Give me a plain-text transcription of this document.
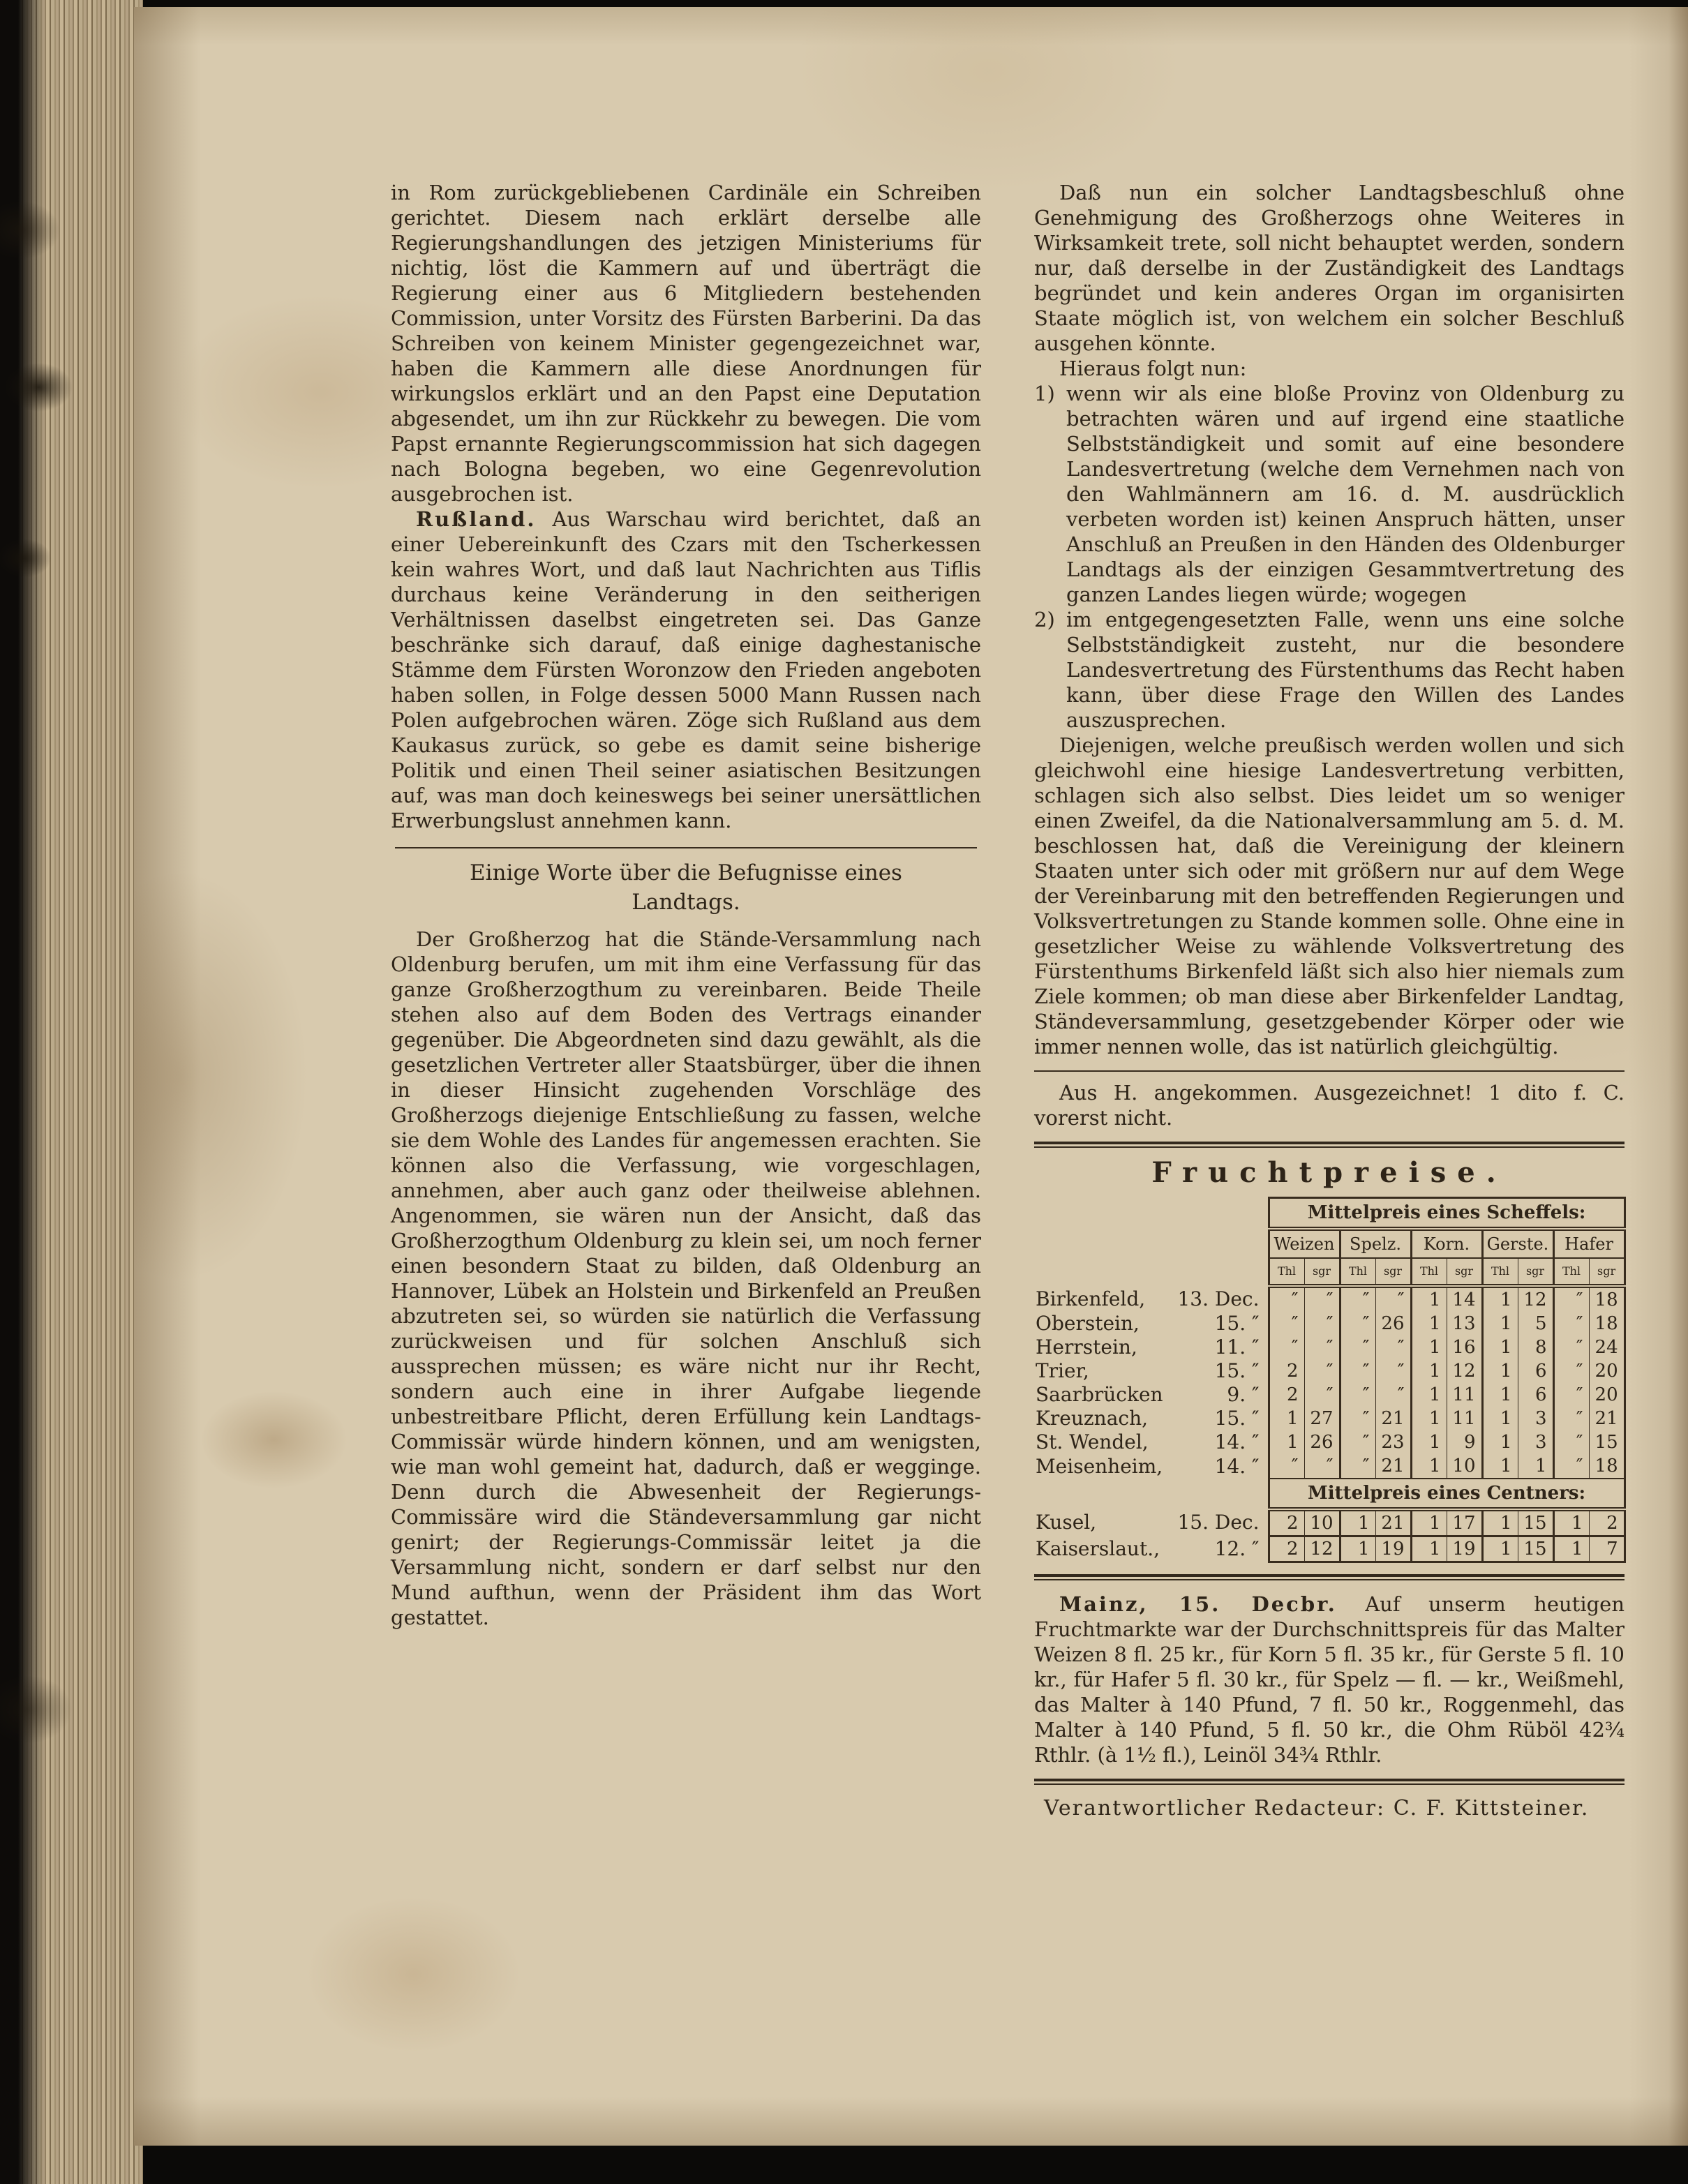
in Rom zurückgebliebenen Cardinäle ein Schreiben gerichtet. Diesem nach erklärt derselbe alle Regierungshandlungen des jetzigen Ministeriums für nichtig, löst die Kammern auf und überträgt die Regierung einer aus 6 Mitgliedern bestehenden Commission, unter Vorsitz des Fürsten Barberini. Da das Schreiben von keinem Minister gegengezeichnet war, haben die Kammern alle diese Anordnungen für wirkungslos erklärt und an den Papst eine Deputation abgesendet, um ihn zur Rückkehr zu bewegen. Die vom Papst ernannte Regierungscommission hat sich dagegen nach Bologna begeben, wo eine Gegenrevolution ausgebrochen ist.

Rußland. Aus Warschau wird berichtet, daß an einer Uebereinkunft des Czars mit den Tscherkessen kein wahres Wort, und daß laut Nachrichten aus Tiflis durchaus keine Veränderung in den seitherigen Verhältnissen daselbst eingetreten sei. Das Ganze beschränke sich darauf, daß einige daghestanische Stämme dem Fürsten Woronzow den Frieden angeboten haben sollen, in Folge dessen 5000 Mann Russen nach Polen aufgebrochen wären. Zöge sich Rußland aus dem Kaukasus zurück, so gebe es damit seine bisherige Politik und einen Theil seiner asiatischen Besitzungen auf, was man doch keineswegs bei seiner unersättlichen Erwerbungslust annehmen kann.

Einige Worte über die Befugnisse eines
Landtags.

Der Großherzog hat die Stände-Versammlung nach Oldenburg berufen, um mit ihm eine Verfassung für das ganze Großherzogthum zu vereinbaren. Beide Theile stehen also auf dem Boden des Vertrags einander gegenüber. Die Abgeordneten sind dazu gewählt, als die gesetzlichen Vertreter aller Staatsbürger, über die ihnen in dieser Hinsicht zugehenden Vorschläge des Großherzogs diejenige Entschließung zu fassen, welche sie dem Wohle des Landes für angemessen erachten. Sie können also die Verfassung, wie vorgeschlagen, annehmen, aber auch ganz oder theilweise ablehnen. Angenommen, sie wären nun der Ansicht, daß das Großherzogthum Oldenburg zu klein sei, um noch ferner einen besondern Staat zu bilden, daß Oldenburg an Hannover, Lübek an Holstein und Birkenfeld an Preußen abzutreten sei, so würden sie natürlich die Verfassung zurückweisen und für solchen Anschluß sich aussprechen müssen; es wäre nicht nur ihr Recht, sondern auch eine in ihrer Aufgabe liegende unbestreitbare Pflicht, deren Erfüllung kein Landtags-Commissär würde hindern können, und am wenigsten, wie man wohl gemeint hat, dadurch, daß er wegginge. Denn durch die Abwesenheit der Regierungs-Commissäre wird die Ständeversammlung gar nicht genirt; der Regierungs-Commissär leitet ja die Versammlung nicht, sondern er darf selbst nur den Mund aufthun, wenn der Präsident ihm das Wort gestattet.

Daß nun ein solcher Landtagsbeschluß ohne Genehmigung des Großherzogs ohne Weiteres in Wirksamkeit trete, soll nicht behauptet werden, sondern nur, daß derselbe in der Zuständigkeit des Landtags begründet und kein anderes Organ im organisirten Staate möglich ist, von welchem ein solcher Beschluß ausgehen könnte.

Hieraus folgt nun:

1) wenn wir als eine bloße Provinz von Oldenburg zu betrachten wären und auf irgend eine staatliche Selbstständigkeit und somit auf eine besondere Landesvertretung (welche dem Vernehmen nach von den Wahlmännern am 16. d. M. ausdrücklich verbeten worden ist) keinen Anspruch hätten, unser Anschluß an Preußen in den Händen des Oldenburger Landtags als der einzigen Gesammtvertretung des ganzen Landes liegen würde; wogegen
2) im entgegengesetzten Falle, wenn uns eine solche Selbstständigkeit zusteht, nur die besondere Landesvertretung des Fürstenthums das Recht haben kann, über diese Frage den Willen des Landes auszusprechen.

Diejenigen, welche preußisch werden wollen und sich gleichwohl eine hiesige Landesvertretung verbitten, schlagen sich also selbst. Dies leidet um so weniger einen Zweifel, da die Nationalversammlung am 5. d. M. beschlossen hat, daß die Vereinigung der kleinern Staaten unter sich oder mit größern nur auf dem Wege der Vereinbarung mit den betreffenden Regierungen und Volksvertretungen zu Stande kommen solle. Ohne eine in gesetzlicher Weise zu wählende Volksvertretung des Fürstenthums Birkenfeld läßt sich also hier niemals zum Ziele kommen; ob man diese aber Birkenfelder Landtag, Ständeversammlung, gesetzgebender Körper oder wie immer nennen wolle, das ist natürlich gleichgültig.

Aus H. angekommen. Ausgezeichnet! 1 dito f. C. vorerst nicht.

Fruchtpreise.
	Mittelpreis eines Scheffels:									
	Weizen		Spelz.		Korn.		Gerste.		Hafer	
	Thl	sgr	Thl	sgr	Thl	sgr	Thl	sgr	Thl	sgr

Birkenfeld, 13. Dec.	″	″	″	″	1	14	1	12	″	18

Oberstein, 15. ″	″	″	″	26	1	13	1	5	″	18

Herrstein, 11. ″	″	″	″	″	1	16	1	8	″	24

Trier, 15. ″	2	″	″	″	1	12	1	6	″	20

Saarbrücken 9. ″	2	″	″	″	1	11	1	6	″	20

Kreuznach, 15. ″	1	27	″	21	1	11	1	3	″	21

St. Wendel, 14. ″	1	26	″	23	1	9	1	3	″	15

Meisenheim, 14. ″	″	″	″	21	1	10	1	1	″	18
	Mittelpreis eines Centners:									

Kusel, 15. Dec.	2	10	1	21	1	17	1	15	1	2

Kaiserslaut., 12. ″	2	12	1	19	1	19	1	15	1	7

Mainz, 15. Decbr. Auf unserm heutigen Fruchtmarkte war der Durchschnittspreis für das Malter Weizen 8 fl. 25 kr., für Korn 5 fl. 35 kr., für Gerste 5 fl. 10 kr., für Hafer 5 fl. 30 kr., für Spelz — fl. — kr., Weißmehl, das Malter à 140 Pfund, 7 fl. 50 kr., Roggenmehl, das Malter à 140 Pfund, 5 fl. 50 kr., die Ohm Rüböl 42¾ Rthlr. (à 1½ fl.), Leinöl 34¾ Rthlr.

Verantwortlicher Redacteur: C. F. Kittsteiner.
